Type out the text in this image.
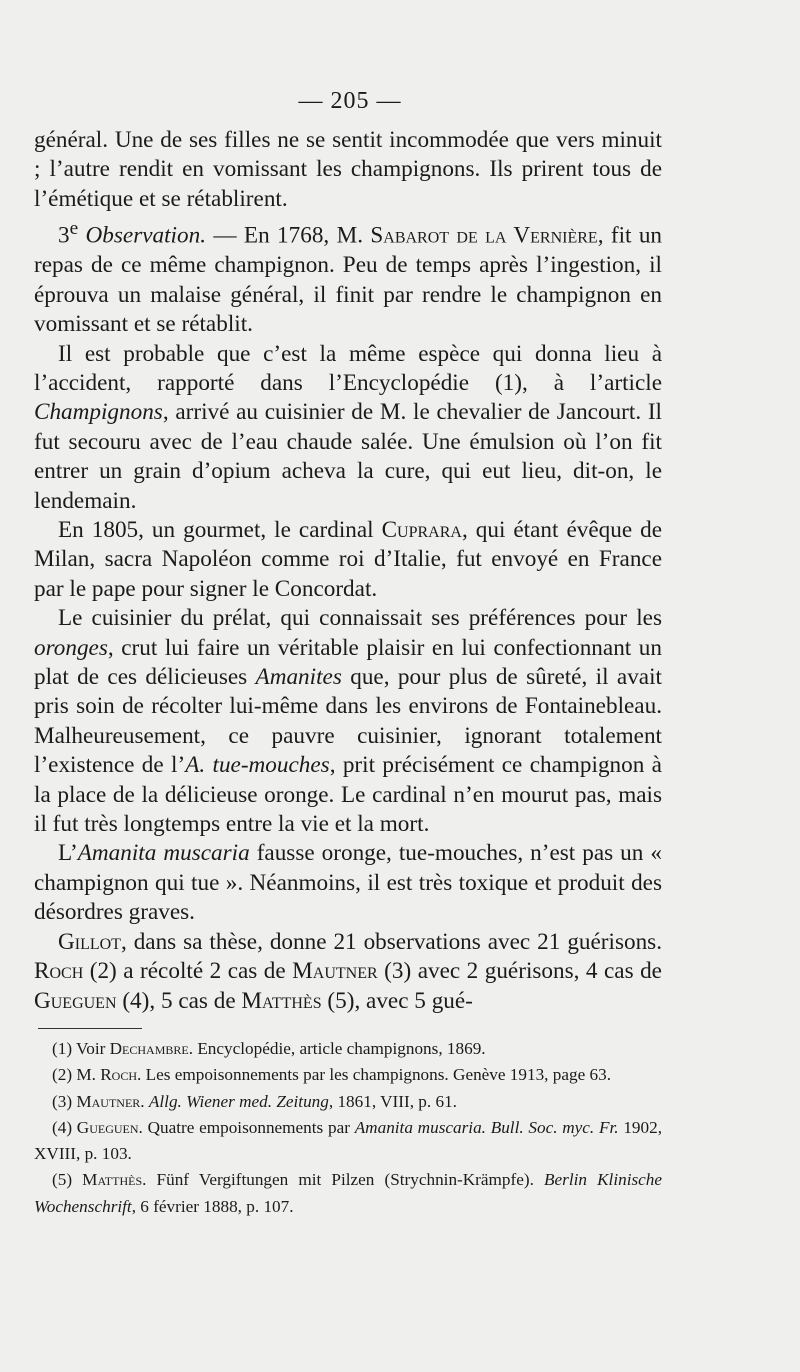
— 205 —

général. Une de ses filles ne se sentit incommodée que vers minuit ; l’autre rendit en vomissant les champignons. Ils prirent tous de l’émétique et se rétablirent.

3e Observation. — En 1768, M. Sabarot de la Vernière, fit un repas de ce même champignon. Peu de temps après l’ingestion, il éprouva un malaise général, il finit par rendre le champignon en vomissant et se rétablit.

Il est probable que c’est la même espèce qui donna lieu à l’accident, rapporté dans l’Encyclopédie (1), à l’article Champignons, arrivé au cuisinier de M. le chevalier de Jancourt. Il fut secouru avec de l’eau chaude salée. Une émulsion où l’on fit entrer un grain d’opium acheva la cure, qui eut lieu, dit-on, le lendemain.

En 1805, un gourmet, le cardinal Cuprara, qui étant évêque de Milan, sacra Napoléon comme roi d’Italie, fut envoyé en France par le pape pour signer le Concordat.

Le cuisinier du prélat, qui connaissait ses préférences pour les oronges, crut lui faire un véritable plaisir en lui confectionnant un plat de ces délicieuses Amanites que, pour plus de sûreté, il avait pris soin de récolter lui-même dans les environs de Fontainebleau. Malheureusement, ce pauvre cuisinier, ignorant totalement l’existence de l’A. tue-mouches, prit précisément ce champignon à la place de la délicieuse oronge. Le cardinal n’en mourut pas, mais il fut très longtemps entre la vie et la mort.

L’Amanita muscaria fausse oronge, tue-mouches, n’est pas un « champignon qui tue ». Néanmoins, il est très toxique et produit des désordres graves.

Gillot, dans sa thèse, donne 21 observations avec 21 guérisons. Roch (2) a récolté 2 cas de Mautner (3) avec 2 guérisons, 4 cas de Gueguen (4), 5 cas de Matthès (5), avec 5 gué-

(1) Voir Dechambre. Encyclopédie, article champignons, 1869.

(2) M. Roch. Les empoisonnements par les champignons. Genève 1913, page 63.

(3) Mautner. Allg. Wiener med. Zeitung, 1861, VIII, p. 61.

(4) Gueguen. Quatre empoisonnements par Amanita muscaria. Bull. Soc. myc. Fr. 1902, XVIII, p. 103.

(5) Matthès. Fünf Vergiftungen mit Pilzen (Strychnin-Krämpfe). Berlin Klinische Wochenschrift, 6 février 1888, p. 107.
